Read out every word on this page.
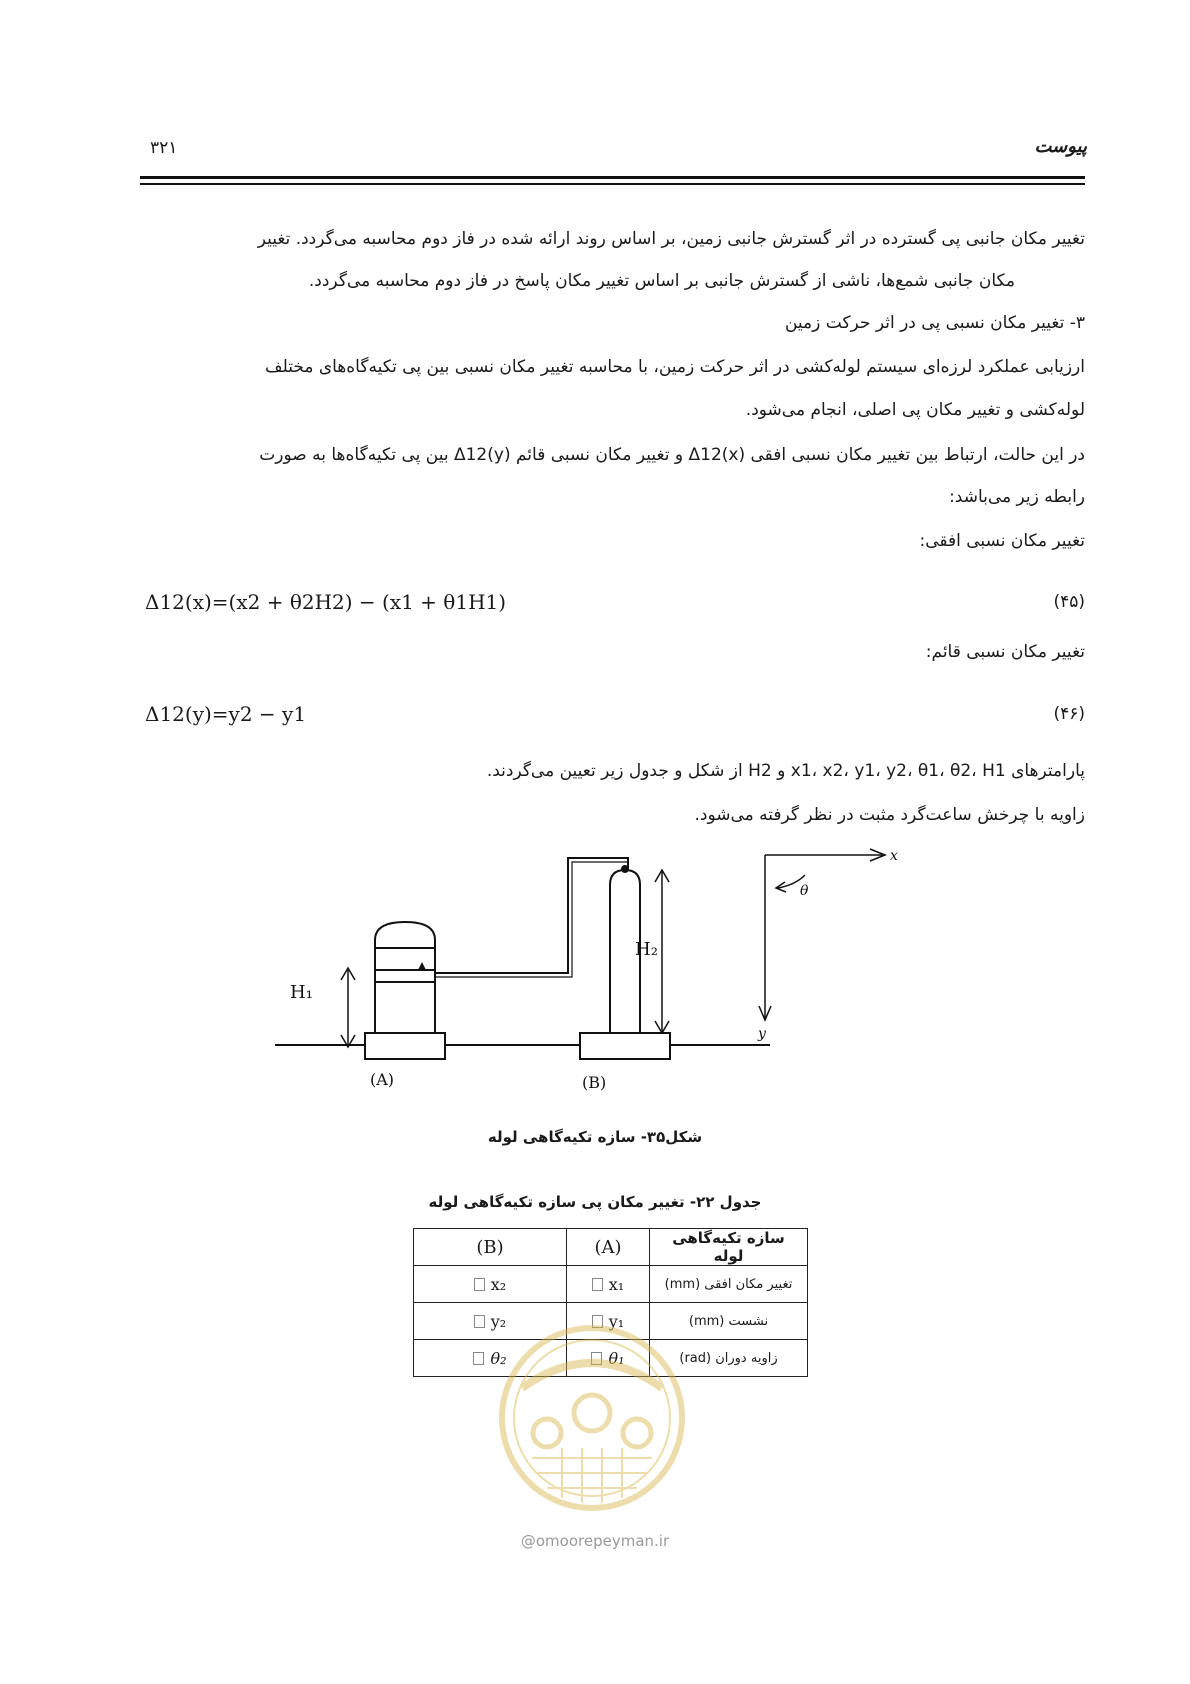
۳۲۱	پیوست
تغییر مکان جانبی پی گسترده در اثر گسترش جانبی زمین، بر اساس روند ارائه شده در فاز دوم محاسبه می‌گردد. تغییر
مکان جانبی شمع‌ها، ناشی از گسترش جانبی بر اساس تغییر مکان پاسخ در فاز دوم محاسبه می‌گردد.
۳- تغییر مکان نسبی پی در اثر حرکت زمین
ارزیابی عملکرد لرزه‌ای سیستم لوله‌کشی در اثر حرکت زمین، با محاسبه تغییر مکان نسبی بین پی تکیه‌گاه‌های مختلف
لوله‌کشی و تغییر مکان پی اصلی، انجام می‌شود.
در این حالت، ارتباط بین تغییر مکان نسبی افقی Δ12(x) و تغییر مکان نسبی قائم Δ12(y) بین پی تکیه‌گاه‌ها به صورت
رابطه زیر می‌باشد:
تغییر مکان نسبی افقی:
Δ12(x)=(x2 + θ2H2) − (x1 + θ1H1)	(۴۵)
تغییر مکان نسبی قائم:
Δ12(y)=y2 − y1	(۴۶)
پارامترهای x1، x2، y1، y2، θ1، θ2، H1 و H2 از شکل و جدول زیر تعیین می‌گردند.
زاویه با چرخش ساعت‌گرد مثبت در نظر گرفته می‌شود.
H₁
H₂
(A)	(B)
x
y
θ
شکل۳۵- سازه تکیه‌گاهی لوله
جدول ۲۲- تغییر مکان پی سازه تکیه‌گاهی لوله
(B)	(A)	سازه تکیه‌گاهی لوله
x₂	x₁	تغییر مکان افقی (mm)
y₂	y₁	نشست (mm)
θ₂	θ₁	زاویه دوران (rad)
@omoorepeyman.ir
